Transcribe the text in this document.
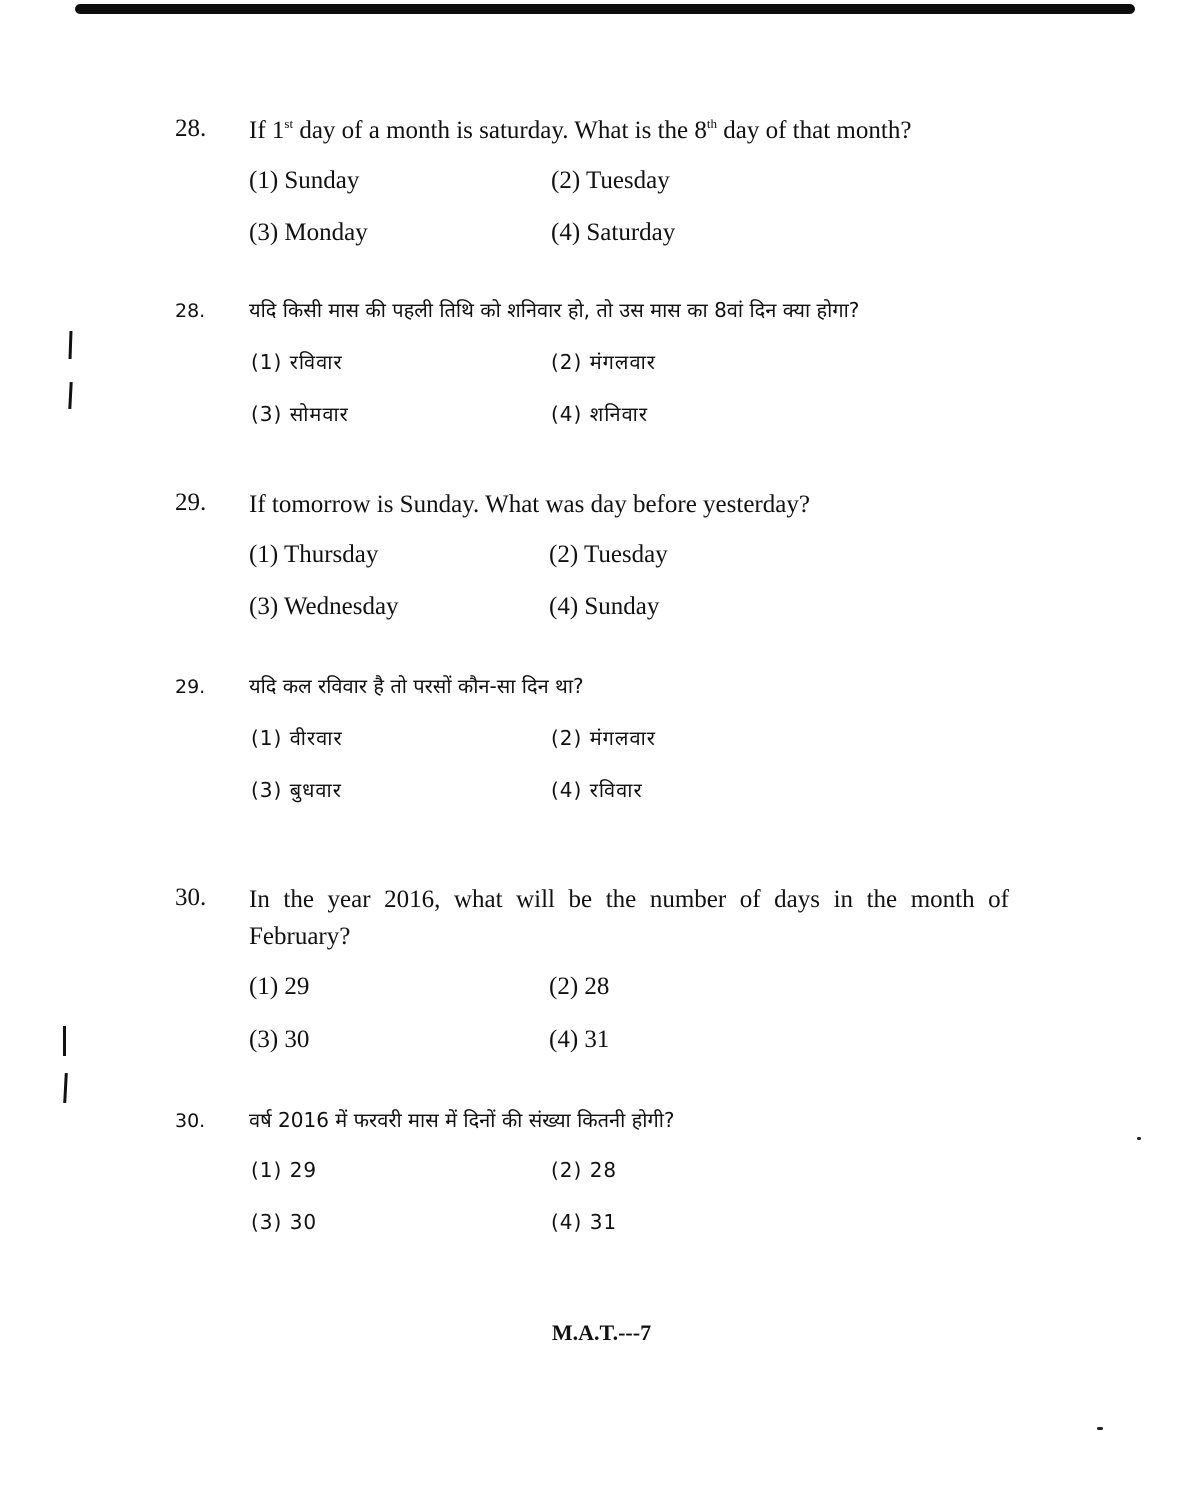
28. If 1st day of a month is saturday. What is the 8th day of that month?
(1) Sunday	(2) Tuesday
(3) Monday	(4) Saturday
28. यदि किसी मास की पहली तिथि को शनिवार हो, तो उस मास का 8वां दिन क्या होगा?
(1) रविवार	(2) मंगलवार
(3) सोमवार	(4) शनिवार
29. If tomorrow is Sunday. What was day before yesterday?
(1) Thursday	(2) Tuesday
(3) Wednesday	(4) Sunday
29. यदि कल रविवार है तो परसों कौन-सा दिन था?
(1) वीरवार	(2) मंगलवार
(3) बुधवार	(4) रविवार
30. In the year 2016, what will be the number of days in the month of February?
(1) 29	(2) 28
(3) 30	(4) 31
30. वर्ष 2016 में फरवरी मास में दिनों की संख्या कितनी होगी?
(1) 29	(2) 28
(3) 30	(4) 31
M.A.T.---7
